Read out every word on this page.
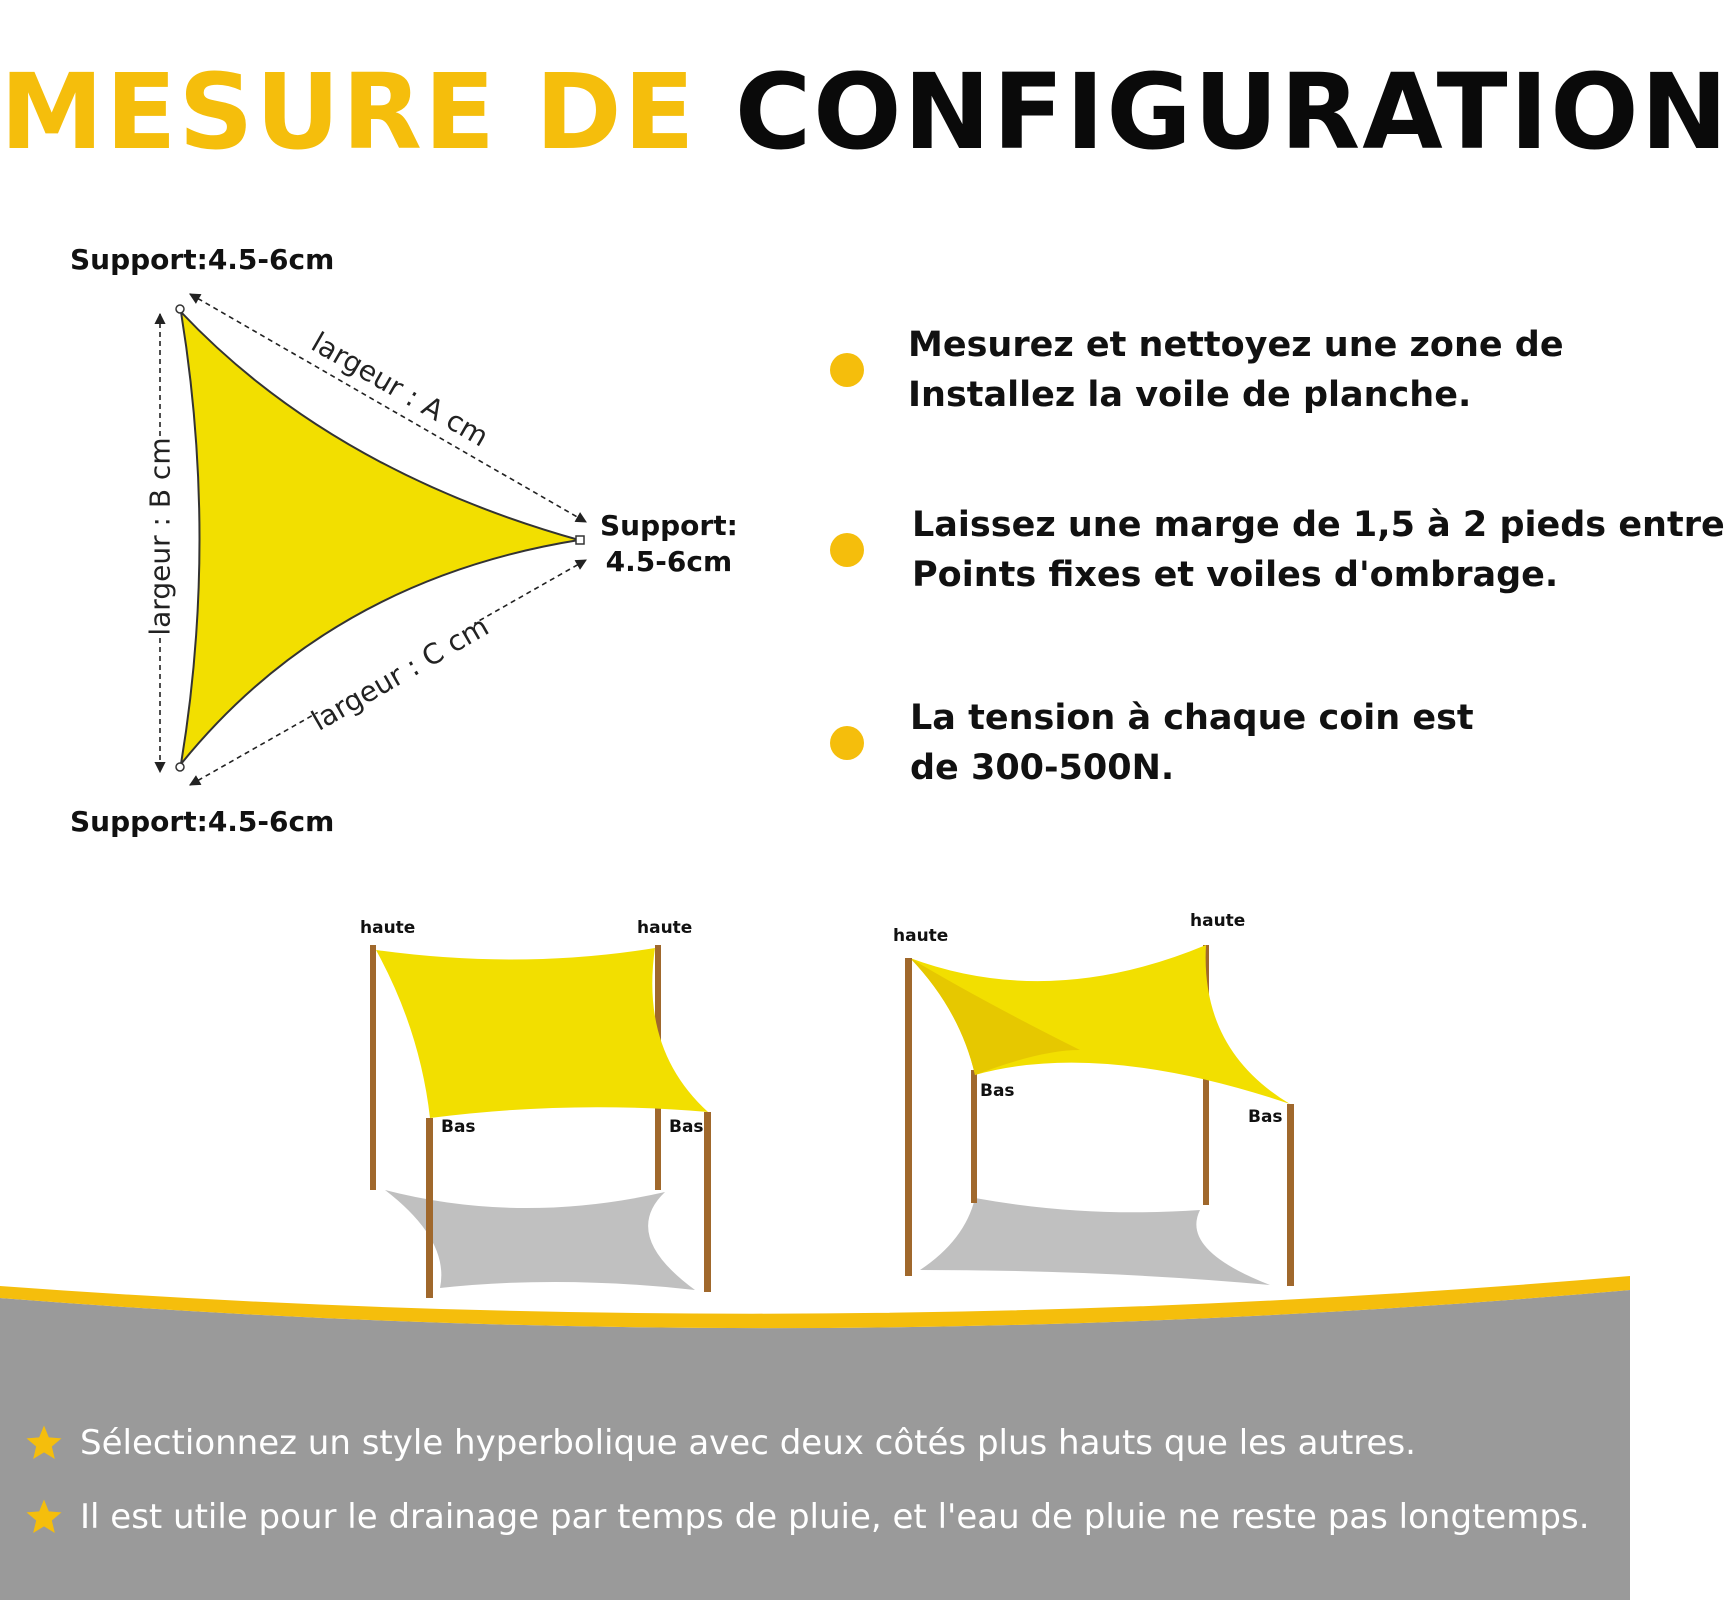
MESURE DE CONFIGURATION
Support:4.5-6cm
Support:4.5-6cm
Support:
4.5-6cm
largeur : A cm
largeur : C cm
largeur : B cm
Mesurez et nettoyez une zone de
Installez la voile de planche.
Laissez une marge de 1,5 à 2 pieds entre
Points fixes et voiles d'ombrage.
La tension à chaque coin est
de 300-500N.
haute	haute
Bas	Bas
haute
haute
Bas
Bas
Sélectionnez un style hyperbolique avec deux côtés plus hauts que les autres.
Il est utile pour le drainage par temps de pluie, et l'eau de pluie ne reste pas longtemps.
